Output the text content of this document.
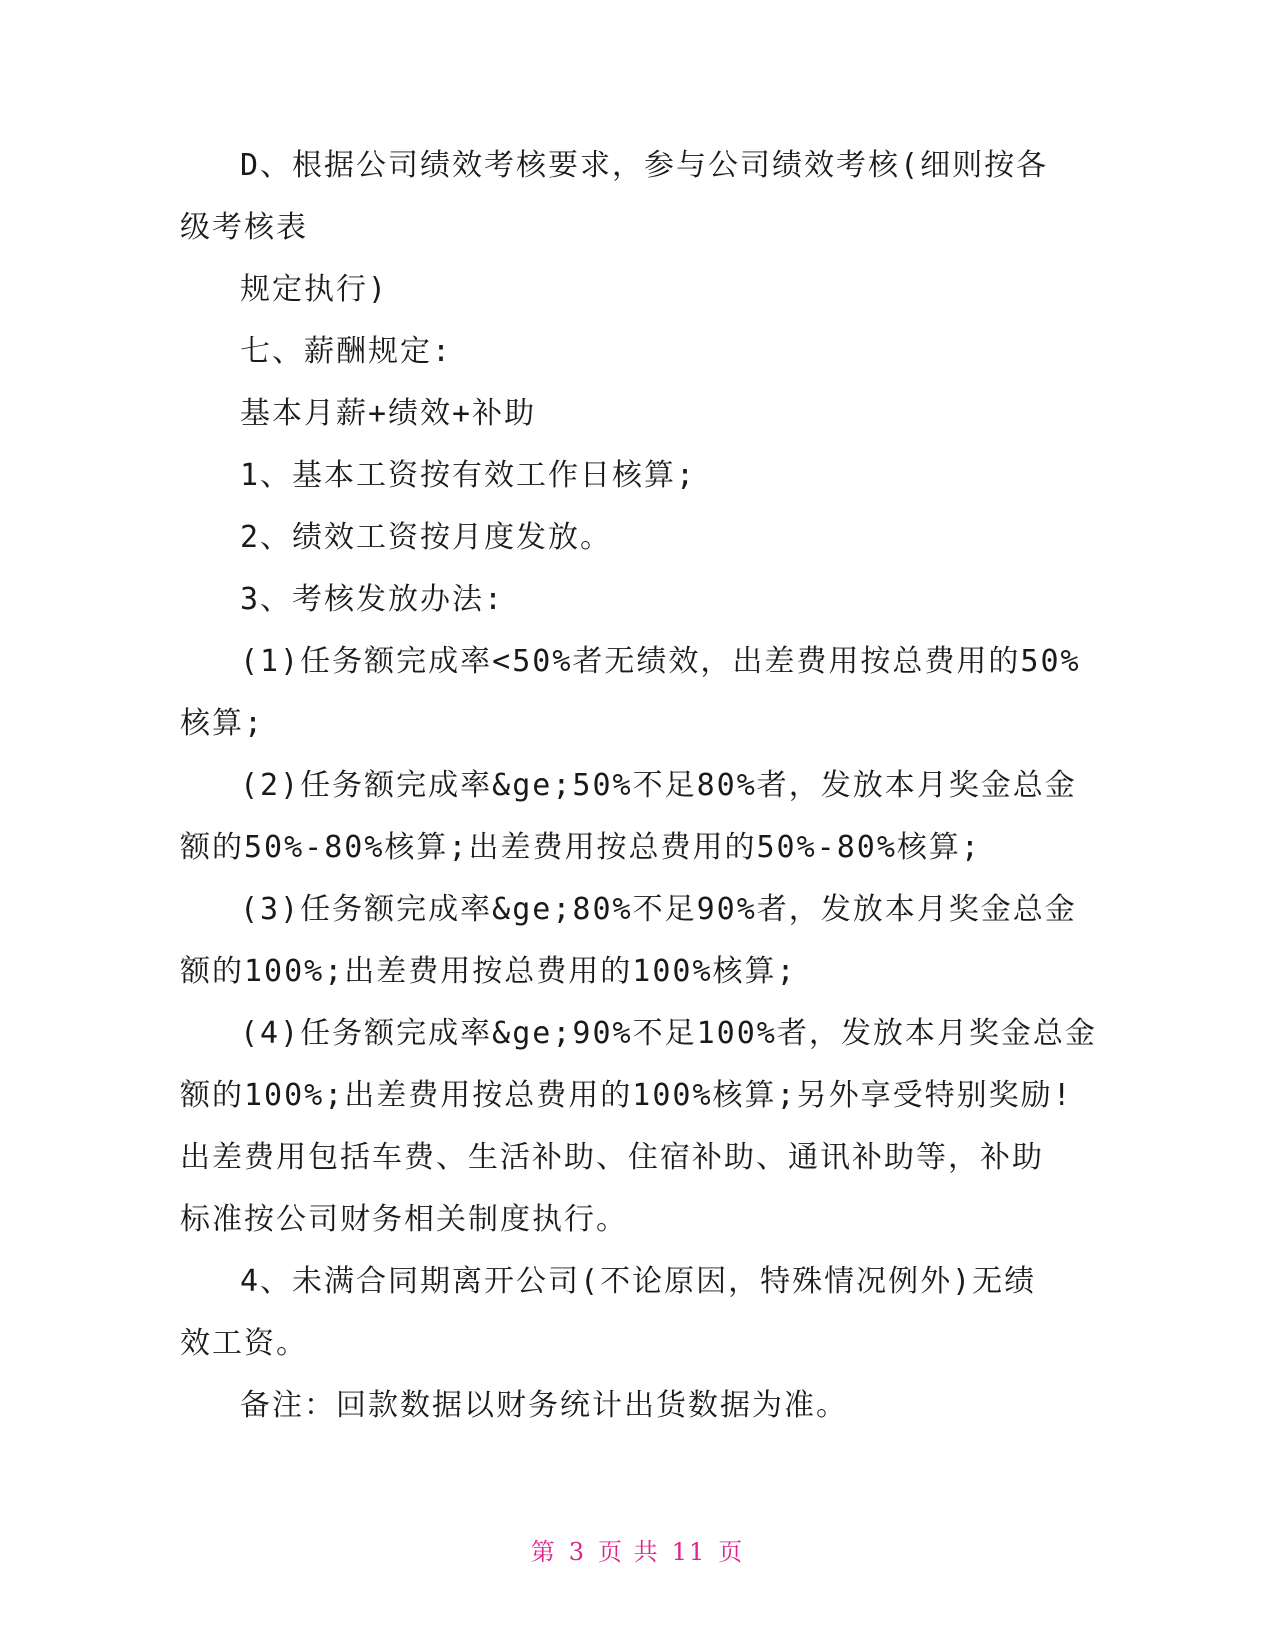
D、根据公司绩效考核要求，参与公司绩效考核(细则按各
级考核表
规定执行)
七、薪酬规定:
基本月薪+绩效+补助
1、基本工资按有效工作日核算;
2、绩效工资按月度发放。
3、考核发放办法:
(1)任务额完成率<50%者无绩效，出差费用按总费用的50%
核算;
(2)任务额完成率&ge;50%不足80%者，发放本月奖金总金
额的50%-80%核算;出差费用按总费用的50%-80%核算;
(3)任务额完成率&ge;80%不足90%者，发放本月奖金总金
额的100%;出差费用按总费用的100%核算;
(4)任务额完成率&ge;90%不足100%者，发放本月奖金总金
额的100%;出差费用按总费用的100%核算;另外享受特别奖励!
出差费用包括车费、生活补助、住宿补助、通讯补助等，补助
标准按公司财务相关制度执行。
4、未满合同期离开公司(不论原因，特殊情况例外)无绩
效工资。
备注：回款数据以财务统计出货数据为准。
第 3 页 共 11 页
